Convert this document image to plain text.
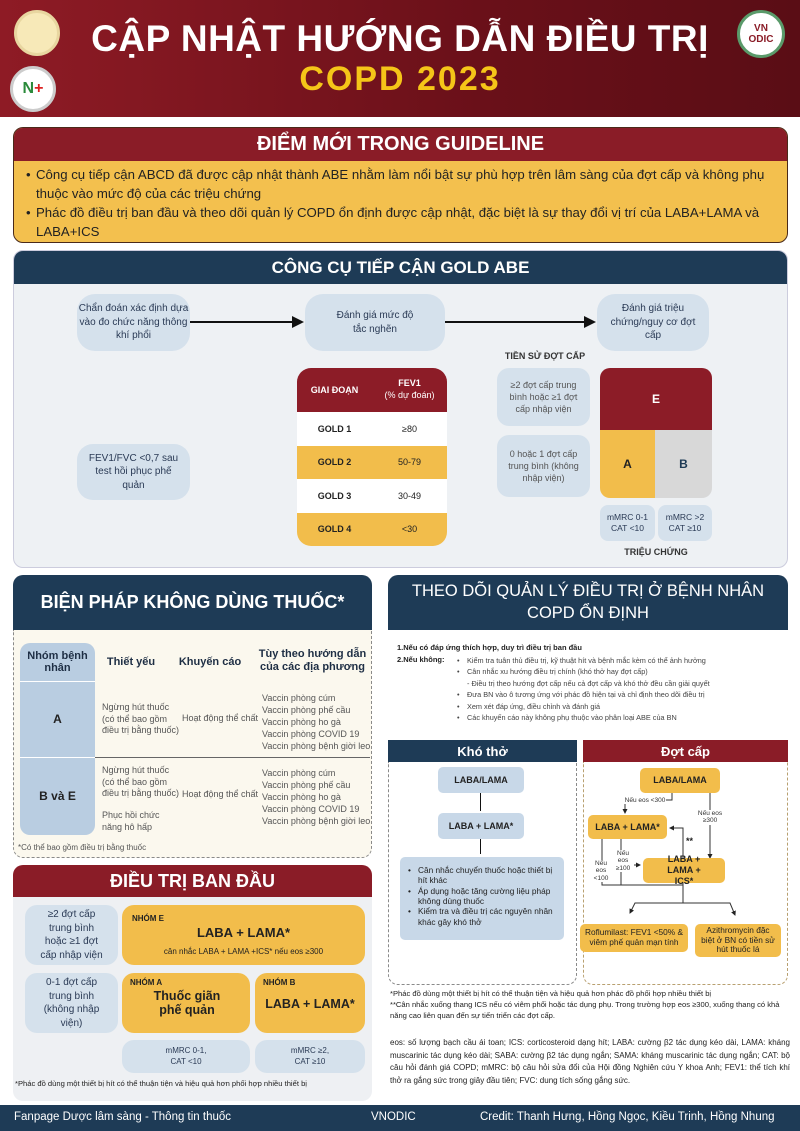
N +
VN ODIC
CẬP NHẬT HƯỚNG DẪN ĐIỀU TRỊ
COPD 2023
ĐIỂM MỚI TRONG GUIDELINE
• Công cụ tiếp cận ABCD đã được cập nhật thành ABE nhằm làm nổi bật sự phù hợp trên lâm sàng của đợt cấp và không phụ thuộc vào mức độ của các triệu chứng
• Phác đồ điều trị ban đầu và theo dõi quản lý COPD ổn định được cập nhật, đặc biệt là sự thay đổi vị trí của LABA+LAMA và LABA+ICS
CÔNG CỤ TIẾP CẬN GOLD ABE
Chẩn đoán xác định dựa vào đo chức năng thông khí phổi
Đánh giá mức độ tắc nghẽn
Đánh giá triệu chứng/nguy cơ đợt cấp
FEV1/FVC <0,7 sau test hồi phục phế quản
GIAI ĐOẠN
FEV1
(% dự đoán)
GOLD 1	≥80
GOLD 2	50-79
GOLD 3	30-49
GOLD 4	<30
TIỀN SỬ ĐỢT CẤP
≥2 đợt cấp trung bình hoặc ≥1 đợt cấp nhập viện
0 hoặc 1 đợt cấp trung bình (không nhập viện)
E
A	B
mMRC 0-1 CAT <10
mMRC >2 CAT ≥10
TRIỆU CHỨNG
BIỆN PHÁP KHÔNG DÙNG THUỐC*
Nhóm bệnh nhân	Thiết yếu	Khuyến cáo
Tùy theo hướng dẫn của các địa phương
A
Ngừng hút thuốc (có thể bao gồm điều trị bằng thuốc)
Hoạt động thể chất
Vaccin phòng cúm
Vaccin phòng phế cầu
Vaccin phòng ho gà
Vaccin phòng COVID 19
Vaccin phòng bệnh giời leo
B và E
Ngừng hút thuốc (có thể bao gồm điều trị bằng thuốc)
Phục hồi chức năng hô hấp
Hoạt động thể chất
Vaccin phòng cúm
Vaccin phòng phế cầu
Vaccin phòng ho gà
Vaccin phòng COVID 19
Vaccin phòng bệnh giời leo
*Có thể bao gồm điều trị bằng thuốc
ĐIỀU TRỊ BAN ĐẦU
≥2 đợt cấp trung bình hoặc ≥1 đợt cấp nhập viện
0-1 đợt cấp trung bình (không nhập viện)
NHÓM E
LABA + LAMA*
cân nhắc LABA + LAMA +ICS* nếu eos ≥300
NHÓM A
Thuốc giãn phế quản
NHÓM B
LABA + LAMA*
mMRC 0-1, CAT <10
mMRC ≥2, CAT ≥10
*Phác đồ dùng một thiết bị hít có thể thuận tiện và hiệu quả hơn phối hợp nhiều thiết bị
THEO DÕI QUẢN LÝ ĐIỀU TRỊ Ở BỆNH NHÂN COPD ỔN ĐỊNH
1.Nếu có đáp ứng thích hợp, duy trì điều trị ban đầu
2.Nếu không:	• Kiểm tra tuân thủ điều trị, kỹ thuật hít và bệnh mắc kèm có thể ảnh hưởng
• Cân nhắc xu hướng điều trị chính (khó thở hay đợt cấp)
- Điều trị theo hướng đợt cấp nếu cả đợt cấp và khó thở đều cần giải quyết
• Đưa BN vào ô tương ứng với phác đồ hiện tại và chỉ định theo dõi điều trị
• Xem xét đáp ứng, điều chỉnh và đánh giá
• Các khuyến cáo này không phụ thuộc vào phân loại ABE của BN
Khó thở
LABA/LAMA
LABA + LAMA*
• Cân nhắc chuyển thuốc hoặc thiết bị hít khác
• Áp dụng hoặc tăng cường liệu pháp không dùng thuốc
• Kiểm tra và điều trị các nguyên nhân khác gây khó thở
Đợt cấp
LABA/LAMA
LABA + LAMA*
LABA + LAMA + ICS*
Nếu eos <300
Nếu eos ≥300
Nếu eos ≥100
Nếu eos <100
**
Roflumilast: FEV1 <50% & viêm phế quản mạn tính
Azithromycin đặc biệt ở BN có tiền sử hút thuốc lá
*Phác đồ dùng một thiết bị hít có thể thuận tiện và hiệu quả hơn phác đồ phối hợp nhiều thiết bị
**Cân nhắc xuống thang ICS nếu có viêm phổi hoặc tác dụng phụ. Trong trường hợp eos ≥300, xuống thang có khả năng cao liên quan đến sự tiến triển các đợt cấp.
eos: số lượng bạch cầu ái toan; ICS: corticosteroid dạng hít; LABA: cường β2 tác dụng kéo dài, LAMA: kháng muscarinic tác dụng kéo dài; SABA: cường β2 tác dụng ngắn; SAMA: kháng muscarinic tác dụng ngắn; CAT: bộ câu hỏi đánh giá COPD; mMRC: bộ câu hỏi sửa đổi của Hội đồng Nghiên cứu Y khoa Anh; FEV1: thể tích khí thở ra gắng sức trong giây đầu tiên; FVC: dung tích sống gắng sức.
Fanpage Dược lâm sàng - Thông tin thuốc	VNODIC	Credit: Thanh Hưng, Hồng Ngọc, Kiều Trinh, Hồng Nhung
